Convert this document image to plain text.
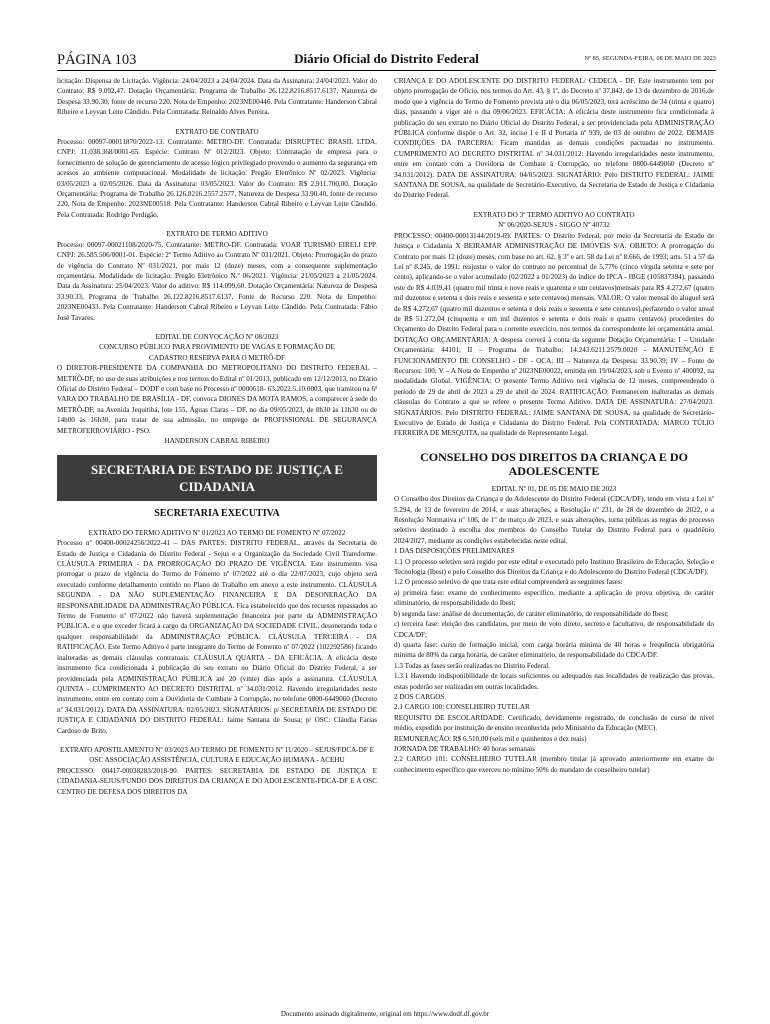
PÁGINA 103	Diário Oficial do Distrito Federal	Nº 85, SEGUNDA-FEIRA, 08 DE MAIO DE 2023

licitação: Dispensa de Licitação. Vigência: 24/04/2023 a 24/04/2024. Data da Assinatura: 24/04/2023. Valor do Contrato: R$ 9.092,47. Dotação Orçamentária: Programa de Trabalho 26.122.8216.8517.6137, Natureza de Despesa 33.90.30, fonte de recurso 220. Nota de Empenho: 2023NE00446. Pela Contratante: Handerson Cabral Ribeiro e Leyvan Leite Cândido. Pela Contratada: Reinaldo Alves Pereira.

EXTRATO DE CONTRATO

Processo: 00097-00011870/2022-13. Contratante: METRO-DF. Contratada: DISRUPTEC BRASIL LTDA. CNPJ: 11.038.368/0001-65. Espécie: Contrato Nº 012/2023. Objeto: Contratação de empresa para o fornecimento de solução de gerenciamento de acesso lógico privilegiado provendo o aumento da segurança em acessos ao ambiente computacional. Modalidade de licitação: Pregão Eletrônico Nº 02/2023. Vigência: 03/05/2023 a 02/05/2026. Data da Assinatura: 03/05/2023. Valor do Contrato: R$ 2.911.700,00. Dotação Orçamentária: Programa de Trabalho 26.126.8216.2557.2577, Natureza de Despesa 33.90.40, fonte de recurso 220. Nota de Empenho: 2023NE00518. Pela Contratante: Handerson Cabral Ribeiro e Leyvan Leite Cândido. Pela Contratada: Rodrigo Perdigão.

EXTRATO DE TERMO ADITIVO

Processo: 00097-00021108/2020-75. Contratante: METRO-DF. Contratada: VOAR TURISMO EIRELI EPP. CNPJ: 26.585.506/0001-01. Espécie: 2º Termo Aditivo ao Contrato Nº 031/2021. Objeto: Prorrogação do prazo de vigência do Contrato Nº 031/2021, por mais 12 (doze) meses, com a consequente suplementação orçamentária. Modalidade de licitação: Pregão Eletrônico N.º 06/2021. Vigência: 21/05/2023 a 21/05/2024. Data da Assinatura: 25/04/2023. Valor do aditivo: R$ 114.099,60. Dotação Orçamentária: Natureza de Despesa 33.90.33, Programa de Trabalho 26.122.8216.8517.6137, Fonte de Recurso 220. Nota de Empenho: 2023NE00433. Pela Contratante: Handerson Cabral Ribeiro e Leyvan Leite Cândido. Pela Contratada: Fábio José Tavares.

EDITAL DE CONVOCAÇÃO Nº 08/2023

CONCURSO PÚBLICO PARA PROVIMENTO DE VAGAS E FORMAÇÃO DE CADASTRO RESERVA PARA O METRÔ-DF

O DIRETOR-PRESIDENTE DA COMPANHIA DO METROPOLITANO DO DISTRITO FEDERAL – METRÔ-DF, no uso de suas atribuições e nos termos do Edital nº 01/2013, publicado em 12/12/2013, no Diário Oficial do Distrito Federal – DODF e com base no Processo nº 0000618- 63.2022.5.10.0003, que tramitou na 6ª VARA DO TRABALHO DE BRASÍLIA - DF, convoca DIONES DA MOTA RAMOS, a comparecer à sede do METRÔ-DF, na Avenida Jequitibá, lote 155, Águas Claras – DF, no dia 09/05/2023, de 8h30 às 11h30 ou de 14h00 às 16h30, para tratar de sua admissão, no emprego de PROFISSIONAL DE SEGURANÇA METROFERROVIÁRIO - PSO.

HANDERSON CABRAL RIBEIRO

SECRETARIA DE ESTADO DE JUSTIÇA E CIDADANIA
SECRETARIA EXECUTIVA

EXTRATO DO TERMO ADITIVO Nº 01/2023 AO TERMO DE FOMENTO Nº 07/2022

Processo nº 00400-00024256/2022-41 – DAS PARTES: DISTRITO FEDERAL, através da Secretaria de Estado de Justiça e Cidadania do Distrito Federal - Sejus e a Organização da Sociedade Civil Transforme. CLÁUSULA PRIMEIRA - DA PRORROGAÇÃO DO PRAZO DE VIGÊNCIA. Este instrumento visa prorrogar o prazo de vigência do Termo de Fomento nº 07/2022 até o dia 22/07/2023, cujo objeto será executado conforme detalhamento contido no Plano de Trabalho em anexo a este instrumento. CLÁUSULA SEGUNDA - DA NÃO SUPLEMENTAÇÃO FINANCEIRA E DA DESONERAÇÃO DA RESPONSABILIDADE DA ADMINISTRAÇÃO PÚBLICA. Fica estabelecido que dos recursos repassados ao Termo de Fomento nº 07/2022 não haverá suplementação financeira por parte da ADMINISTRAÇÃO PÚBLICA, e o que exceder ficará a cargo da ORGANIZAÇÃO DA SOCIEDADE CIVIL, desonerando toda e qualquer responsabilidade da ADMINISTRAÇÃO PÚBLICA. CLÁUSULA TERCEIRA - DA RATIFICAÇÃO. Este Termo Aditivo é parte integrante do Termo de Fomento nº 07/2022 (102292586) ficando inalteradas as demais cláusulas contratuais. CLÁUSULA QUARTA - DA EFICÁCIA. A eficácia deste instrumento fica condicionada à publicação do seu extrato no Diário Oficial do Distrito Federal, a ser providenciada pela ADMINISTRAÇÃO PÚBLICA até 20 (vinte) dias após a assinatura. CLÁUSULA QUINTA - CUMPRIMENTO AO DECRETO DISTRITAL nº 34.031/2012. Havendo irregularidades neste instrumento, entre em contato com a Ouvidoria de Combate à Corrupção, no telefone 0800-6449060 (Decreto nº 34.031/2012). DATA DA ASSINATURA: 02/05/2023. SIGNATÁRIOS: p/ SECRETARIA DE ESTADO DE JUSTIÇA E CIDADANIA DO DISTRITO FEDERAL: Jaime Santana de Sousa; p/ OSC: Cláudia Farias Cardoso de Brito.

EXTRATO APOSTILAMENTO Nº 03/2023 AO TERMO DE FOMENTO Nº 11/2020 – SEJUS/FDCA-DF E OSC ASSOCIAÇÃO ASSISTÊNCIA, CULTURA E EDUCAÇÃO HUMANA - ACEHU

PROCESSO: 00417-00038283/2018-90. PARTES: SECRETARIA DE ESTADO DE JUSTIÇA E CIDADANIA-SEJUS/FUNDO DOS DIREITOS DA CRIANÇA E DO ADOLESCENTE-FDCA-DF E A OSC CENTRO DE DEFESA DOS DIREITOS DA

CRIANÇA E DO ADOLESCENTE DO DISTRITO FEDERAL/ CEDECA - DF. Este instrumento tem por objeto prorrogação de Ofício, nos termos do Art. 43, § 1º, do Decreto nº 37.843, de 13 de dezembro de 2016,de modo que a vigência do Termo de Fomento prevista até o dia 06/05/2023, terá acréscimo de 34 (trinta e quatro) dias, passando a viger até o dia 09/06/2023. EFICÁCIA: A eficácia deste instrumento fica condicionada à publicação do seu extrato no Diário Oficial do Distrito Federal, a ser providenciada pela ADMINISTRAÇÃO PÚBLICA conforme dispõe o Art. 32, inciso I e II d Portaria nº 939, de 03 de outubro de 2022. DEMAIS CONDIÇÕES DA PARCERIA: Ficam mantidas as demais condições pactuadas no instrumento. CUMPRIMENTO AO DECRETO DISTRITAL nº 34.031/2012: Havendo irregularidades neste instrumento, entre em contato com a Ouvidoria de Combate à Corrupção, no telefone 0800-6449060 (Decreto nº 34.031/2012). DATA DE ASSINATURA: 04/05/2023. SIGNATÁRIO: Pelo DISTRITO FEDERAL: JAIME SANTANA DE SOUSA, na qualidade de Secretário-Executivo, da Secretaria de Estado de Justiça e Cidadania do Distrito Federal.

EXTRATO DO 3º TERMO ADITIVO AO CONTRATO

Nº 06/2020-SEJUS - SIGGO Nº 40732

PROCESSO: 00400-00013144/2019-69. PARTES: O Distrito Federal, por meio da Secretaria de Estado de Justiça e Cidadania X BEIRAMAR ADMINISTRAÇÃO DE IMÓVEIS S/A. OBJETO: A prorrogação do Contrato por mais 12 (doze) meses, com base no art. 62, § 3º e art. 58 da Lei nº 8.666, de 1993; arts. 51 a 57 da Lei nº 8.245, de 1991; reajustar o valor do contrato no percentual de 5,77% (cinco vírgula setenta e sete por cento), aplicando-se o valor acumulado (02/2022 a 01/2023) do índice do IPCA - IBGE (105837394), passando este de R$ 4.039,41 (quatro mil trinta e nove reais e quarenta e um centavos)mensais para R$ 4.272,67 (quatro mil duzentos e setenta e dois reais e sessenta e sete centavos) mensais. VALOR: O valor mensal do aluguel será de R$ 4.272,67 (quatro mil duzentos e setenta e dois reais e sessenta e sete centavos),perfazendo o valor anual de R$ 51.272,04 (cinquenta e um mil duzentos e setenta e dois reais e quatro centavos) procedentes do Orçamento do Distrito Federal para o corrente exercício, nos termos da correspondente lei orçamentária anual. DOTAÇÃO ORÇAMENTÁRIA: A despesa correrá à conta da seguinte Dotação Orçamentária: I – Unidade Orçamentária: 44101; II – Programa de Trabalho: 14.243.6211.2579.0020 - MANUTENÇÃO E FUNCIONAMENTO DE CONSELHO - DF - OCA; III – Natureza da Despesa: 33.90.39; IV – Fonte de Recursos: 100; V – A Nota de Empenho nº 2023NE00022, emitida em 19/04/2023, sob o Evento nº 400092, na modalidade Global. VIGÊNCIA: O presente Termo Aditivo terá vigência de 12 meses, compreendendo o período de 29 de abril de 2023 a 29 de abril de 2024. RATIFICAÇÃO: Permanecem inalteradas as demais cláusulas do Contrato a que se refere o presente Termo Aditivo. DATA DE ASSINATURA: 27/04/2023. SIGNATÁRIOS: Pelo DISTRITO FEDERAL: JAIME SANTANA DE SOUSA, na qualidade de Secretário-Executivo de Estado de Justiça e Cidadania do Distrito Federal. Pela CONTRATADA: MARCO TÚLIO FERREIRA DE MESQUITA, na qualidade de Representante Legal.

CONSELHO DOS DIREITOS DA CRIANÇA E DO ADOLESCENTE

EDITAL Nº 01, DE 05 DE MAIO DE 2023

O Conselho dos Direitos da Criança e do Adolescente do Distrito Federal (CDCA/DF), tendo em vista a Lei nº 5.294, de 13 de fevereiro de 2014, e suas alterações, a Resolução nº 231, de 28 de dezembro de 2022, e a Resolução Normativa nº 106, de 1º de março de 2023, e suas alterações, torna públicas as regras do processo seletivo destinado à escolha dos membros do Conselho Tutelar do Distrito Federal para o quadriênio 2024/2027, mediante as condições estabelecidas neste edital.

1 DAS DISPOSIÇÕES PRELIMINARES

1.1 O processo seletivo será regido por este edital e executado pelo Instituto Brasileiro de Educação, Seleção e Tecnologia (Ibest) e pelo Conselho dos Direitos da Criança e do Adolescente do Distrito Federal (CDCA/DF).

1.2 O processo seletivo de que trata este edital compreenderá as seguintes fases:

a) primeira fase: exame de conhecimento específico, mediante a aplicação de prova objetiva, de caráter eliminatório, de responsabilidade do Ibest;

b) segunda fase: análise de documentação, de caráter eliminatório, de responsabilidade do Ibest;

c) terceira fase: eleição dos candidatos, por meio de voto direto, secreto e facultativo, de responsabilidade do CDCA/DF;

d) quarta fase: curso de formação inicial, com carga horária mínima de 40 horas e frequência obrigatória mínima de 80% da carga horária, de caráter eliminatório, de responsabilidade do CDCA/DF.

1.3 Todas as fases serão realizadas no Distrito Federal.

1.3.1 Havendo indisponibilidade de locais suficientes ou adequados nas localidades de realização das provas, estas poderão ser realizadas em outras localidades.

2 DOS CARGOS

2.1 CARGO 100: CONSELHEIRO TUTELAR

REQUISITO DE ESCOLARIDADE: Certificado, devidamente registrado, de conclusão de curso de nível médio, expedido por instituição de ensino reconhecida pelo Ministério da Educação (MEC).

REMUNERAÇÃO: R$ 6.510,00 (seis mil e quinhentos e dez reais)

JORNADA DE TRABALHO: 40 horas semanais

2.2 CARGO 101: CONSELHEIRO TUTELAR (membro titular já aprovado anteriormente em exame de conhecimento específico que exerceu no mínimo 50% do mandato de conselheiro tutelar)

Documento assinado digitalmente, original em https://www.dodf.df.gov.br
